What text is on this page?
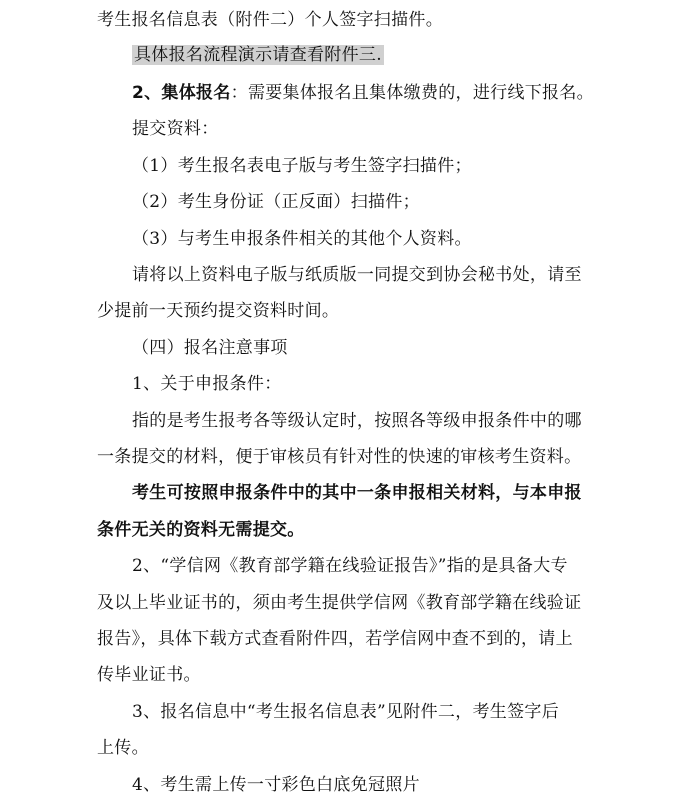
考生报名信息表（附件二）个人签字扫描件。
具体报名流程演示请查看附件三.
2、集体报名：需要集体报名且集体缴费的，进行线下报名。
提交资料：
（1）考生报名表电子版与考生签字扫描件；
（2）考生身份证（正反面）扫描件；
（3）与考生申报条件相关的其他个人资料。
请将以上资料电子版与纸质版一同提交到协会秘书处，请至
少提前一天预约提交资料时间。
（四）报名注意事项
1、关于申报条件：
指的是考生报考各等级认定时，按照各等级申报条件中的哪
一条提交的材料，便于审核员有针对性的快速的审核考生资料。
考生可按照申报条件中的其中一条申报相关材料，与本申报
条件无关的资料无需提交。
2、“学信网《教育部学籍在线验证报告》”指的是具备大专
及以上毕业证书的，须由考生提供学信网《教育部学籍在线验证
报告》，具体下载方式查看附件四，若学信网中查不到的，请上
传毕业证书。
3、报名信息中“考生报名信息表”见附件二，考生签字后
上传。
4、考生需上传一寸彩色白底免冠照片
